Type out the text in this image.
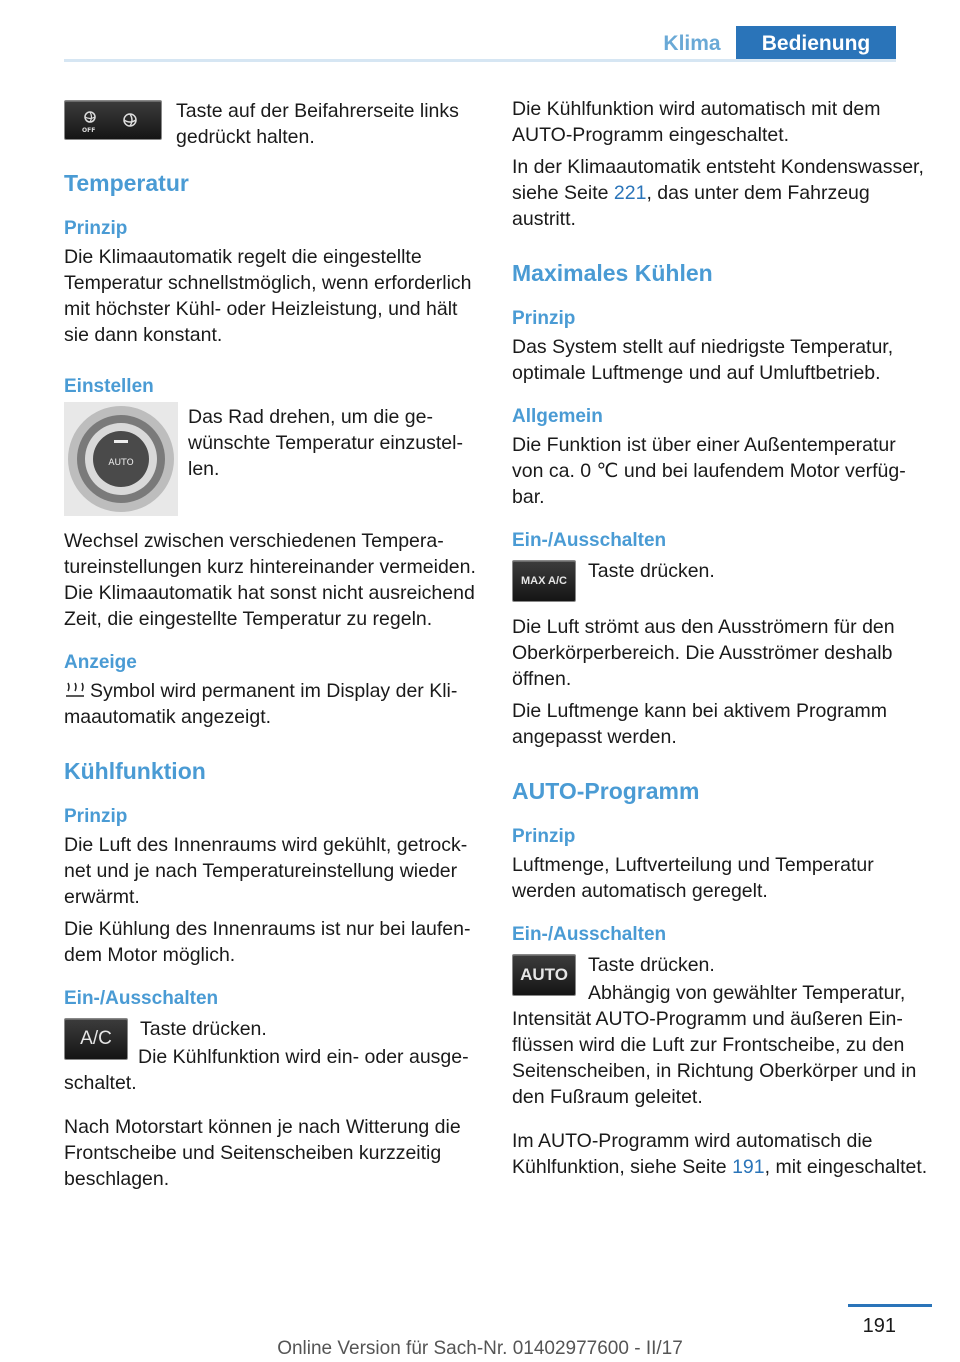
Klima	Bedienung
OFF

Taste auf der Beifahrerseite links gedrückt halten.

Temperatur
Prinzip

Die Klimaautomatik regelt die eingestellte Temperatur schnellstmöglich, wenn erforderlich mit höchster Kühl- oder Heizleistung, und hält sie dann konstant.

Einstellen
AUTO

Das Rad drehen, um die gewünschte Temperatur einzustellen.

Wechsel zwischen verschiedenen Temperatureinstellungen kurz hintereinander vermeiden. Die Klimaautomatik hat sonst nicht ausreichend Zeit, die eingestellte Temperatur zu regeln.

Anzeige

Symbol wird permanent im Display der Klimaautomatik angezeigt.

Kühlfunktion
Prinzip

Die Luft des Innenraums wird gekühlt, getrocknet und je nach Temperatureinstellung wieder erwärmt.

Die Kühlung des Innenraums ist nur bei laufendem Motor möglich.

Ein-/Ausschalten
A/C	Taste drücken.

Die Kühlfunktion wird ein- oder ausgeschaltet.

Nach Motorstart können je nach Witterung die Frontscheibe und Seitenscheiben kurzzeitig beschlagen.

Die Kühlfunktion wird automatisch mit dem AUTO-Programm eingeschaltet.

In der Klimaautomatik entsteht Kondenswasser, siehe Seite 221, das unter dem Fahrzeug austritt.

Maximales Kühlen
Prinzip

Das System stellt auf niedrigste Temperatur, optimale Luftmenge und auf Umluftbetrieb.

Allgemein

Die Funktion ist über einer Außentemperatur von ca. 0 ℃ und bei laufendem Motor verfügbar.

Ein-/Ausschalten
MAX A/C	Taste drücken.

Die Luft strömt aus den Ausströmern für den Oberkörperbereich. Die Ausströmer deshalb öffnen.

Die Luftmenge kann bei aktivem Programm angepasst werden.

AUTO-Programm
Prinzip

Luftmenge, Luftverteilung und Temperatur werden automatisch geregelt.

Ein-/Ausschalten
AUTO	Taste drücken.

Abhängig von gewählter Temperatur, Intensität AUTO-Programm und äußeren Einflüssen wird die Luft zur Frontscheibe, zu den Seitenscheiben, in Richtung Oberkörper und in den Fußraum geleitet.

Im AUTO-Programm wird automatisch die Kühlfunktion, siehe Seite 191, mit eingeschaltet.

191
Online Version für Sach-Nr. 01402977600 - II/17
